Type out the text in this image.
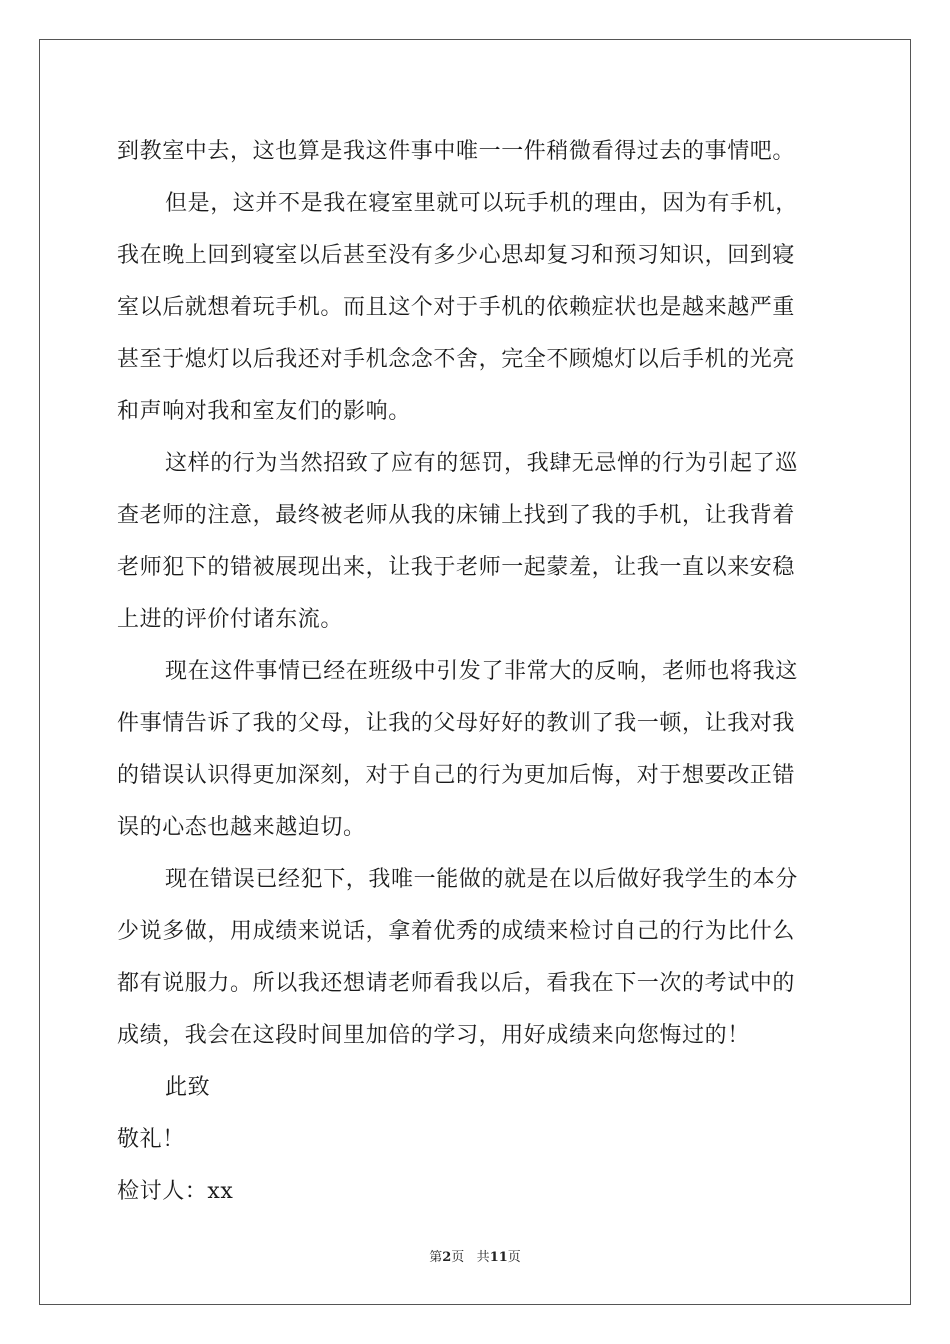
到教室中去，这也算是我这件事中唯一一件稍微看得过去的事情吧。
但是，这并不是我在寝室里就可以玩手机的理由，因为有手机，
我在晚上回到寝室以后甚至没有多少心思却复习和预习知识，回到寝
室以后就想着玩手机。而且这个对于手机的依赖症状也是越来越严重
甚至于熄灯以后我还对手机念念不舍，完全不顾熄灯以后手机的光亮
和声响对我和室友们的影响。
这样的行为当然招致了应有的惩罚，我肆无忌惮的行为引起了巡
查老师的注意，最终被老师从我的床铺上找到了我的手机，让我背着
老师犯下的错被展现出来，让我于老师一起蒙羞，让我一直以来安稳
上进的评价付诸东流。
现在这件事情已经在班级中引发了非常大的反响，老师也将我这
件事情告诉了我的父母，让我的父母好好的教训了我一顿，让我对我
的错误认识得更加深刻，对于自己的行为更加后悔，对于想要改正错
误的心态也越来越迫切。
现在错误已经犯下，我唯一能做的就是在以后做好我学生的本分
少说多做，用成绩来说话，拿着优秀的成绩来检讨自己的行为比什么
都有说服力。所以我还想请老师看我以后，看我在下一次的考试中的
成绩，我会在这段时间里加倍的学习，用好成绩来向您悔过的！
此致
敬礼！
检讨人：xx
第2页 共11页
